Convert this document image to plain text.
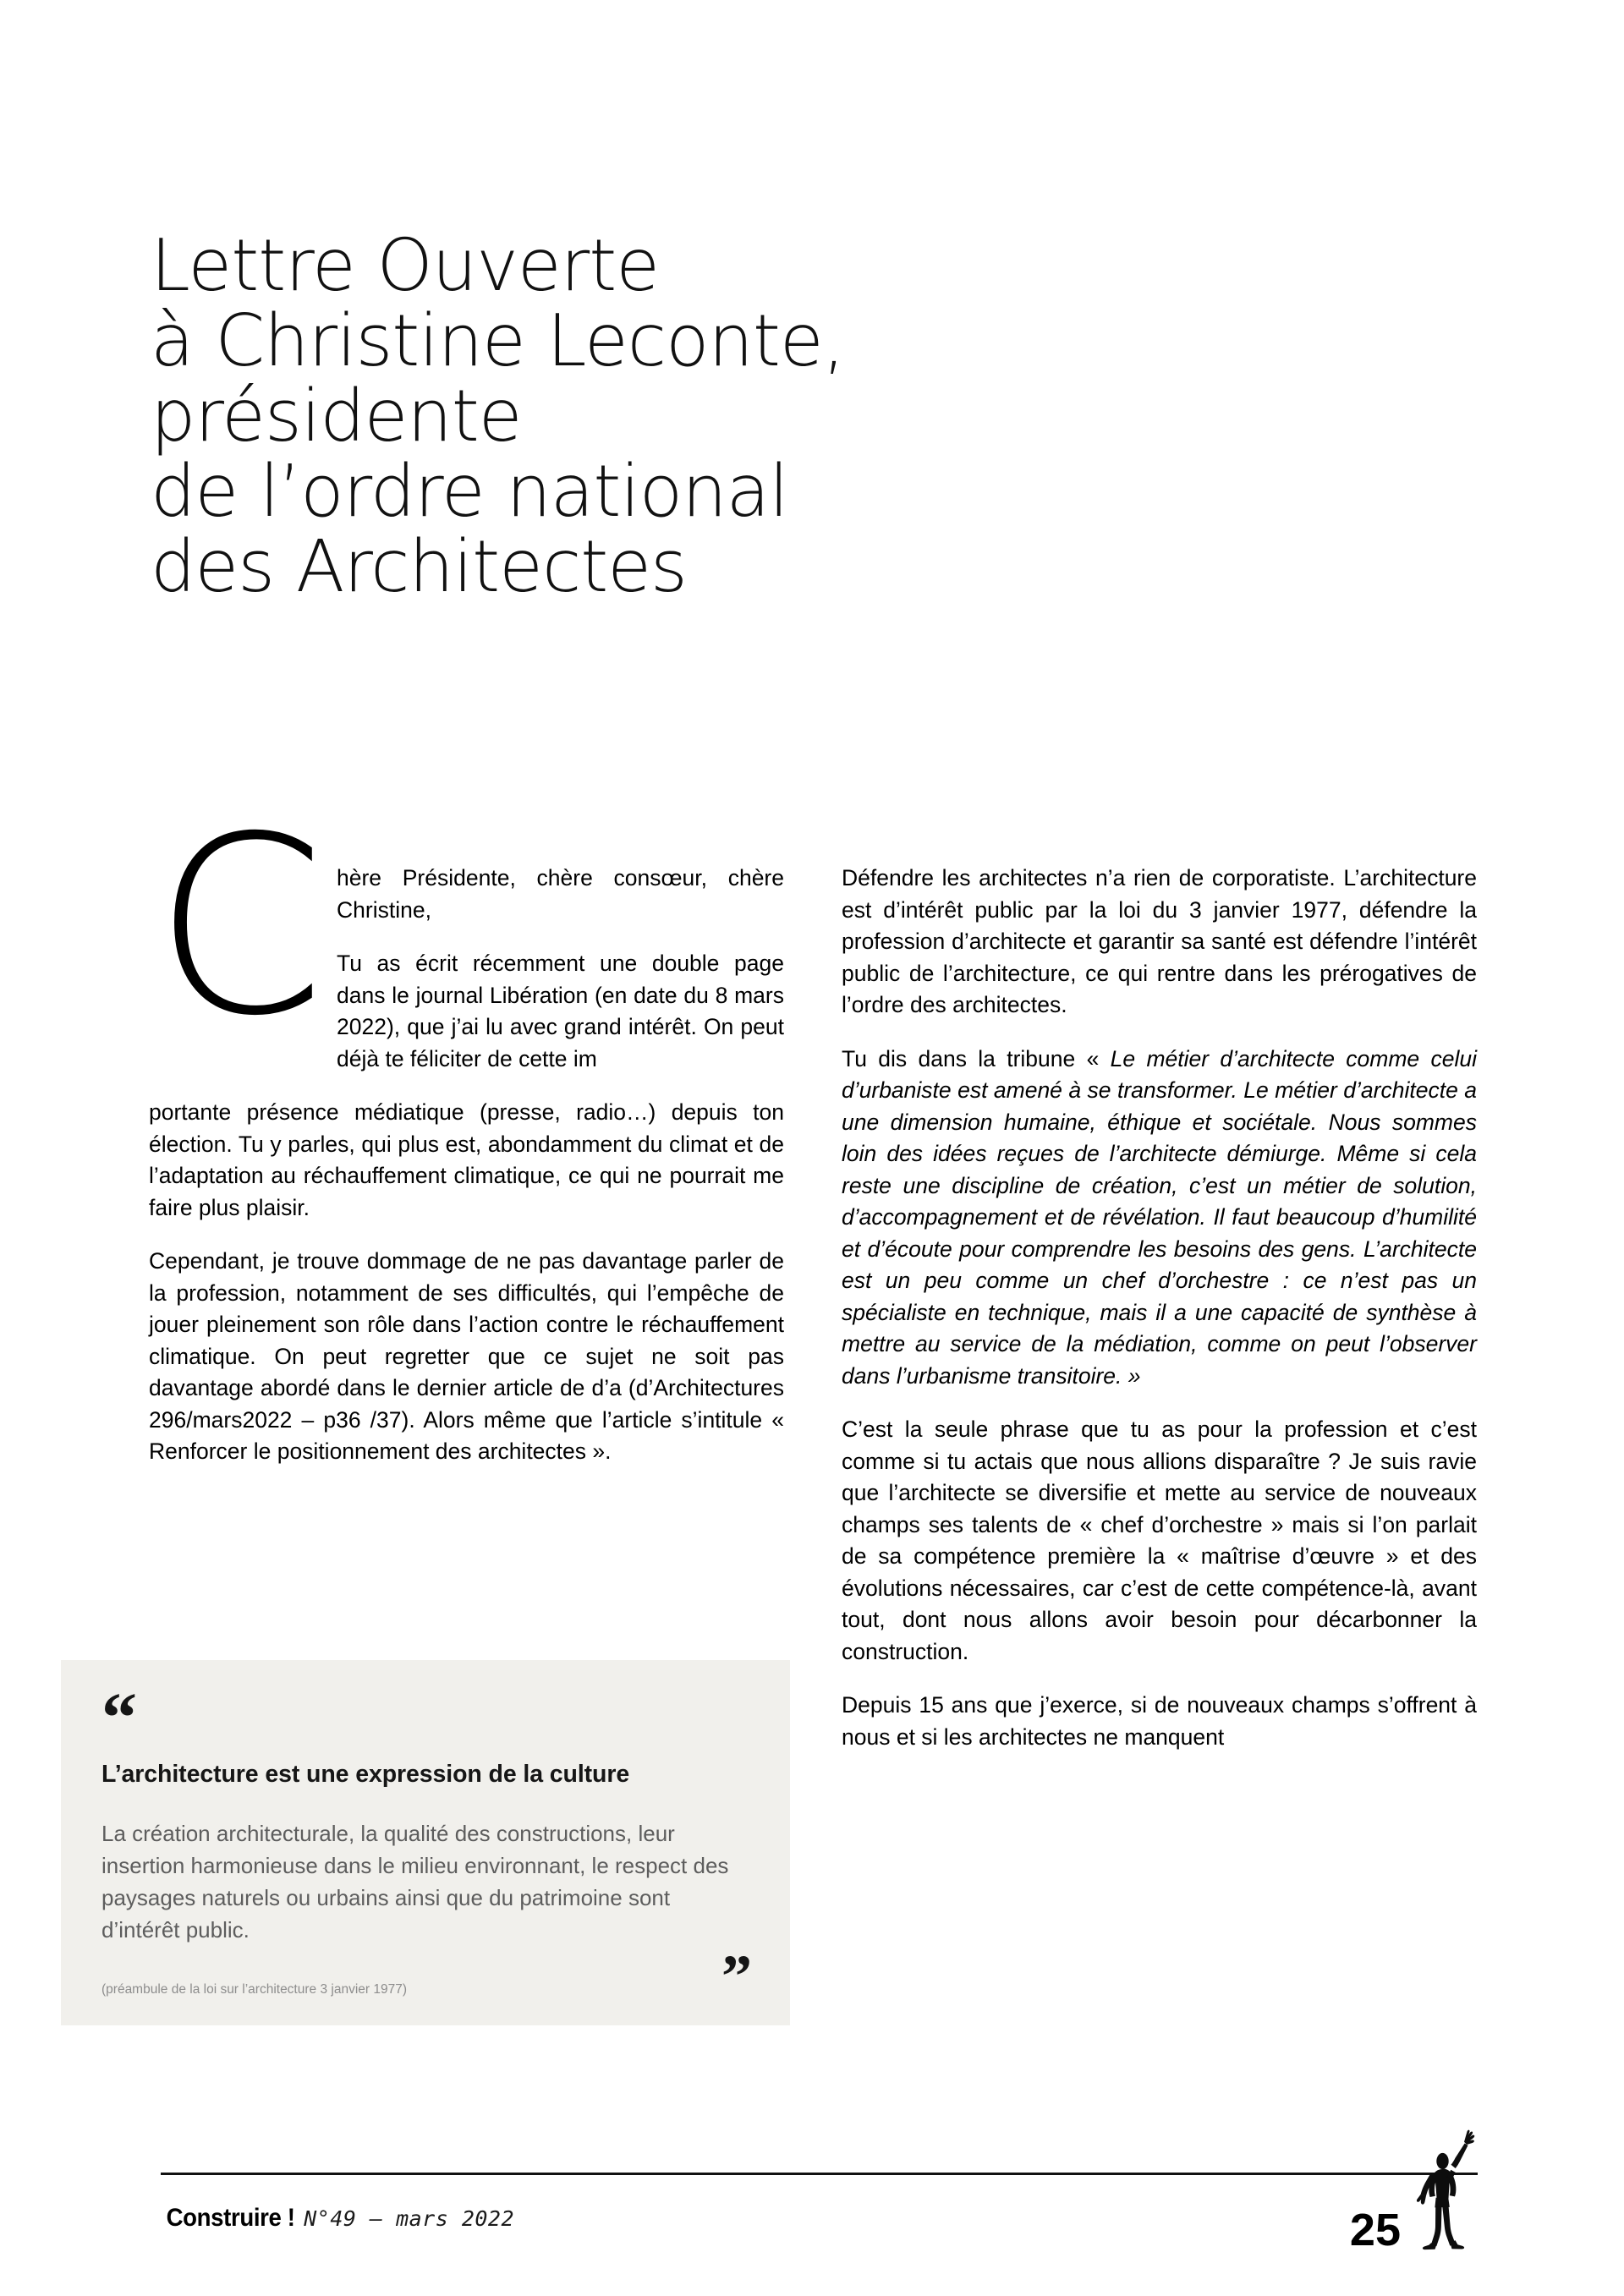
Lettre Ouverte
à Christine Leconte,
présidente
de l’ordre national
des Architectes
C hère Présidente, chère consœur, chère Christine,

Tu as écrit récemment une double page dans le journal Libération (en date du 8 mars 2022), que j’ai lu avec grand intérêt. On peut déjà te féliciter de cette im

portante présence médiatique (presse, radio…) depuis ton élection. Tu y parles, qui plus est, abondamment du climat et de l’adaptation au réchauffement climatique, ce qui ne pourrait me faire plus plaisir.

Cependant, je trouve dommage de ne pas davantage parler de la profession, notamment de ses difficultés, qui l’empêche de jouer pleinement son rôle dans l’action contre le réchauffement climatique. On peut regretter que ce sujet ne soit pas davantage abordé dans le dernier article de d’a (d’Architectures 296/mars2022 – p36 /37). Alors même que l’article s’intitule « Renforcer le positionnement des architectes ».

Défendre les architectes n’a rien de corporatiste. L’architecture est d’intérêt public par la loi du 3 janvier 1977, défendre la profession d’architecte et garantir sa santé est défendre l’intérêt public de l’architecture, ce qui rentre dans les prérogatives de l’ordre des architectes.

Tu dis dans la tribune « Le métier d’architecte comme celui d’urbaniste est amené à se transformer. Le métier d’architecte a une dimension humaine, éthique et sociétale. Nous sommes loin des idées reçues de l’architecte démiurge. Même si cela reste une discipline de création, c’est un métier de solution, d’accompagnement et de révélation. Il faut beaucoup d’humilité et d’écoute pour comprendre les besoins des gens. L’architecte est un peu comme un chef d’orchestre : ce n’est pas un spécialiste en technique, mais il a une capacité de synthèse à mettre au service de la médiation, comme on peut l’observer dans l’urbanisme transitoire. »

C’est la seule phrase que tu as pour la profession et c’est comme si tu actais que nous allions disparaître ? Je suis ravie que l’architecte se diversifie et mette au service de nouveaux champs ses talents de « chef d’orchestre » mais si l’on parlait de sa compétence première la « maîtrise d’œuvre » et des évolutions nécessaires, car c’est de cette compétence-là, avant tout, dont nous allons avoir besoin pour décarbonner la construction.

Depuis 15 ans que j’exerce, si de nouveaux champs s’offrent à nous et si les architectes ne manquent

“
L’architecture est une expression de la culture
La création architecturale, la qualité des constructions, leur insertion harmonieuse dans le milieu environnant, le respect des paysages naturels ou urbains ainsi que du patrimoine sont d’intérêt public.
(préambule de la loi sur l’architecture 3 janvier 1977)	”
Construire ! N°49 – mars 2022	25
